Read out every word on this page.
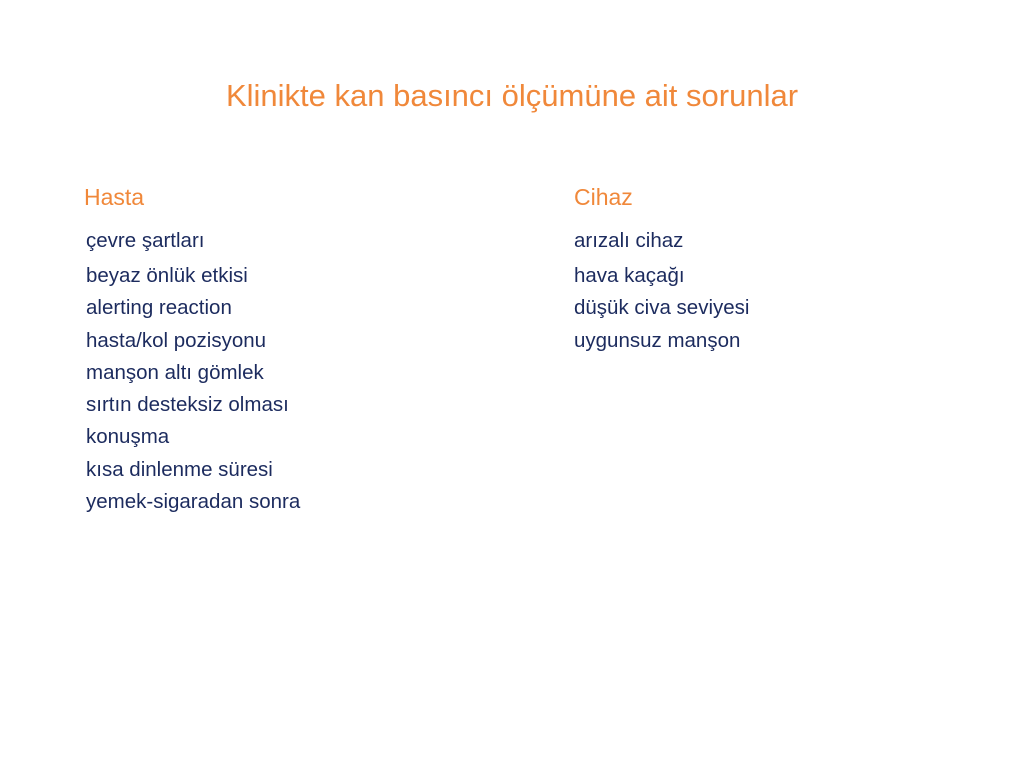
Klinikte kan basıncı ölçümüne ait sorunlar
Hasta	Cihaz
çevre şartları
beyaz önlük etkisi
alerting reaction
hasta/kol pozisyonu
manşon altı gömlek
sırtın desteksiz olması
konuşma
kısa dinlenme süresi
yemek-sigaradan sonra
arızalı cihaz
hava kaçağı
düşük civa seviyesi
uygunsuz manşon
